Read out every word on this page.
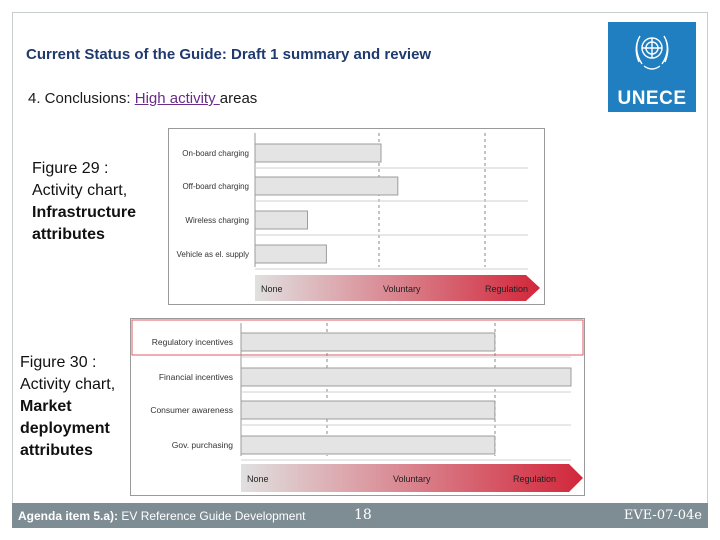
Current Status of the Guide: Draft 1 summary and review
4. Conclusions: High activity areas	UNECE
Figure 29 :
Activity chart,
Infrastructure
attributes
Figure 30 :
Activity chart,
Market
deployment
attributes
On-board charging
Off-board charging
Wireless charging
Vehicle as el. supply
None	Voluntary	Regulation
Regulatory incentives
Financial incentives
Consumer awareness
Gov. purchasing
None	Voluntary	Regulation
Agenda item 5.a): EV Reference Guide Development	18	EVE-07-04e
